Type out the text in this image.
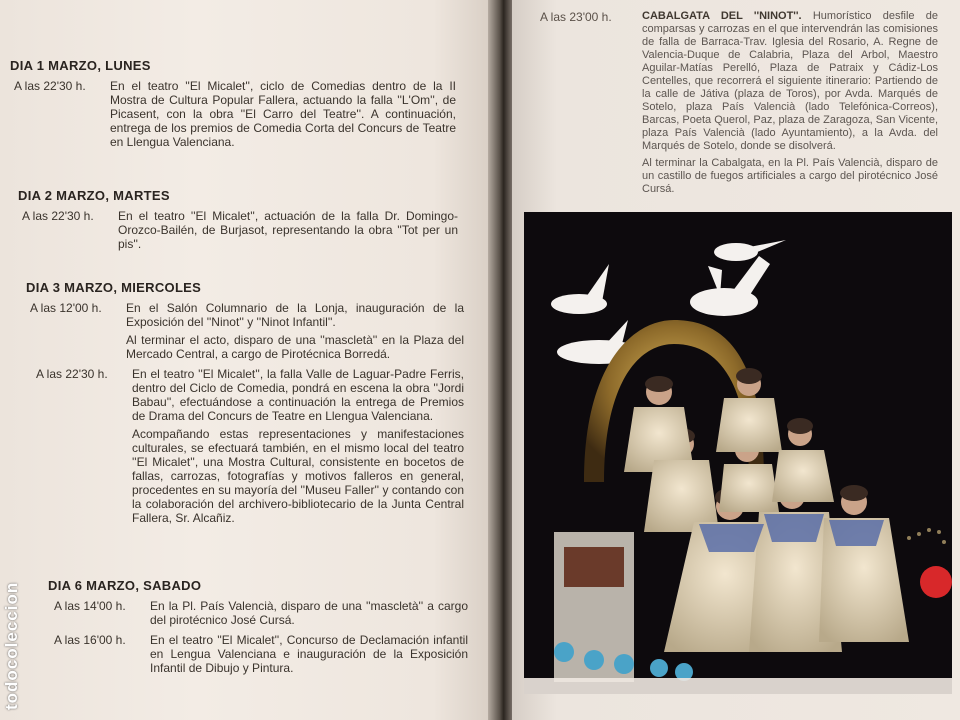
todocoleccion
DIA 1 MARZO, LUNES
A las 22'30 h.	En el teatro ''El Micalet'', ciclo de Comedias dentro de la II Mostra de Cultura Popular Fallera, actuando la falla ''L'Om'', de Picasent, con la obra ''El Carro del Teatre''. A continuación, entrega de los premios de Comedia Corta del Concurs de Teatre en Llengua Valenciana.
DIA 2 MARZO, MARTES
A las 22'30 h.	En el teatro ''El Micalet'', actuación de la falla Dr. Domingo-Orozco-Bailén, de Burjasot, representando la obra ''Tot per un pis''.
DIA 3 MARZO, MIERCOLES
A las 12'00 h.	En el Salón Columnario de la Lonja, inauguración de la Exposición del ''Ninot'' y ''Ninot Infantil''.
Al terminar el acto, disparo de una ''mascletà'' en la Plaza del Mercado Central, a cargo de Pirotécnica Borredá.
A las 22'30 h.	En el teatro ''El Micalet'', la falla Valle de Laguar-Padre Ferris, dentro del Ciclo de Comedia, pondrá en escena la obra ''Jordi Babau'', efectuándose a continuación la entrega de Premios de Drama del Concurs de Teatre en Llengua Valenciana.
Acompañando estas representaciones y manifestaciones culturales, se efectuará también, en el mismo local del teatro ''El Micalet'', una Mostra Cultural, consistente en bocetos de fallas, carrozas, fotografías y motivos falleros en general, procedentes en su mayoría del ''Museu Faller'' y contando con la colaboración del archivero-bibliotecario de la Junta Central Fallera, Sr. Alcañiz.
DIA 6 MARZO, SABADO
A las 14'00 h.	En la Pl. País Valencià, disparo de una ''mascletà'' a cargo del pirotécnico José Cursá.
A las 16'00 h.	En el teatro ''El Micalet'', Concurso de Declamación infantil en Lengua Valenciana e inauguración de la Exposición Infantil de Dibujo y Pintura.
A las 23'00 h.	CABALGATA DEL ''NINOT''. Humorístico desfile de comparsas y carrozas en el que intervendrán las comisiones de falla de Barraca-Trav. Iglesia del Rosario, A. Regne de Valencia-Duque de Calabria, Plaza del Arbol, Maestro Aguilar-Matías Perelló, Plaza de Patraix y Cádiz-Los Centelles, que recorrerá el siguiente itinerario: Partiendo de la calle de Játiva (plaza de Toros), por Avda. Marqués de Sotelo, plaza País Valencià (lado Telefónica-Correos), Barcas, Poeta Querol, Paz, plaza de Zaragoza, San Vicente, plaza País Valencià (lado Ayuntamiento), a la Avda. del Marqués de Sotelo, donde se disolverá.
Al terminar la Cabalgata, en la Pl. País Valencià, disparo de un castillo de fuegos artificiales a cargo del pirotécnico José Cursá.
